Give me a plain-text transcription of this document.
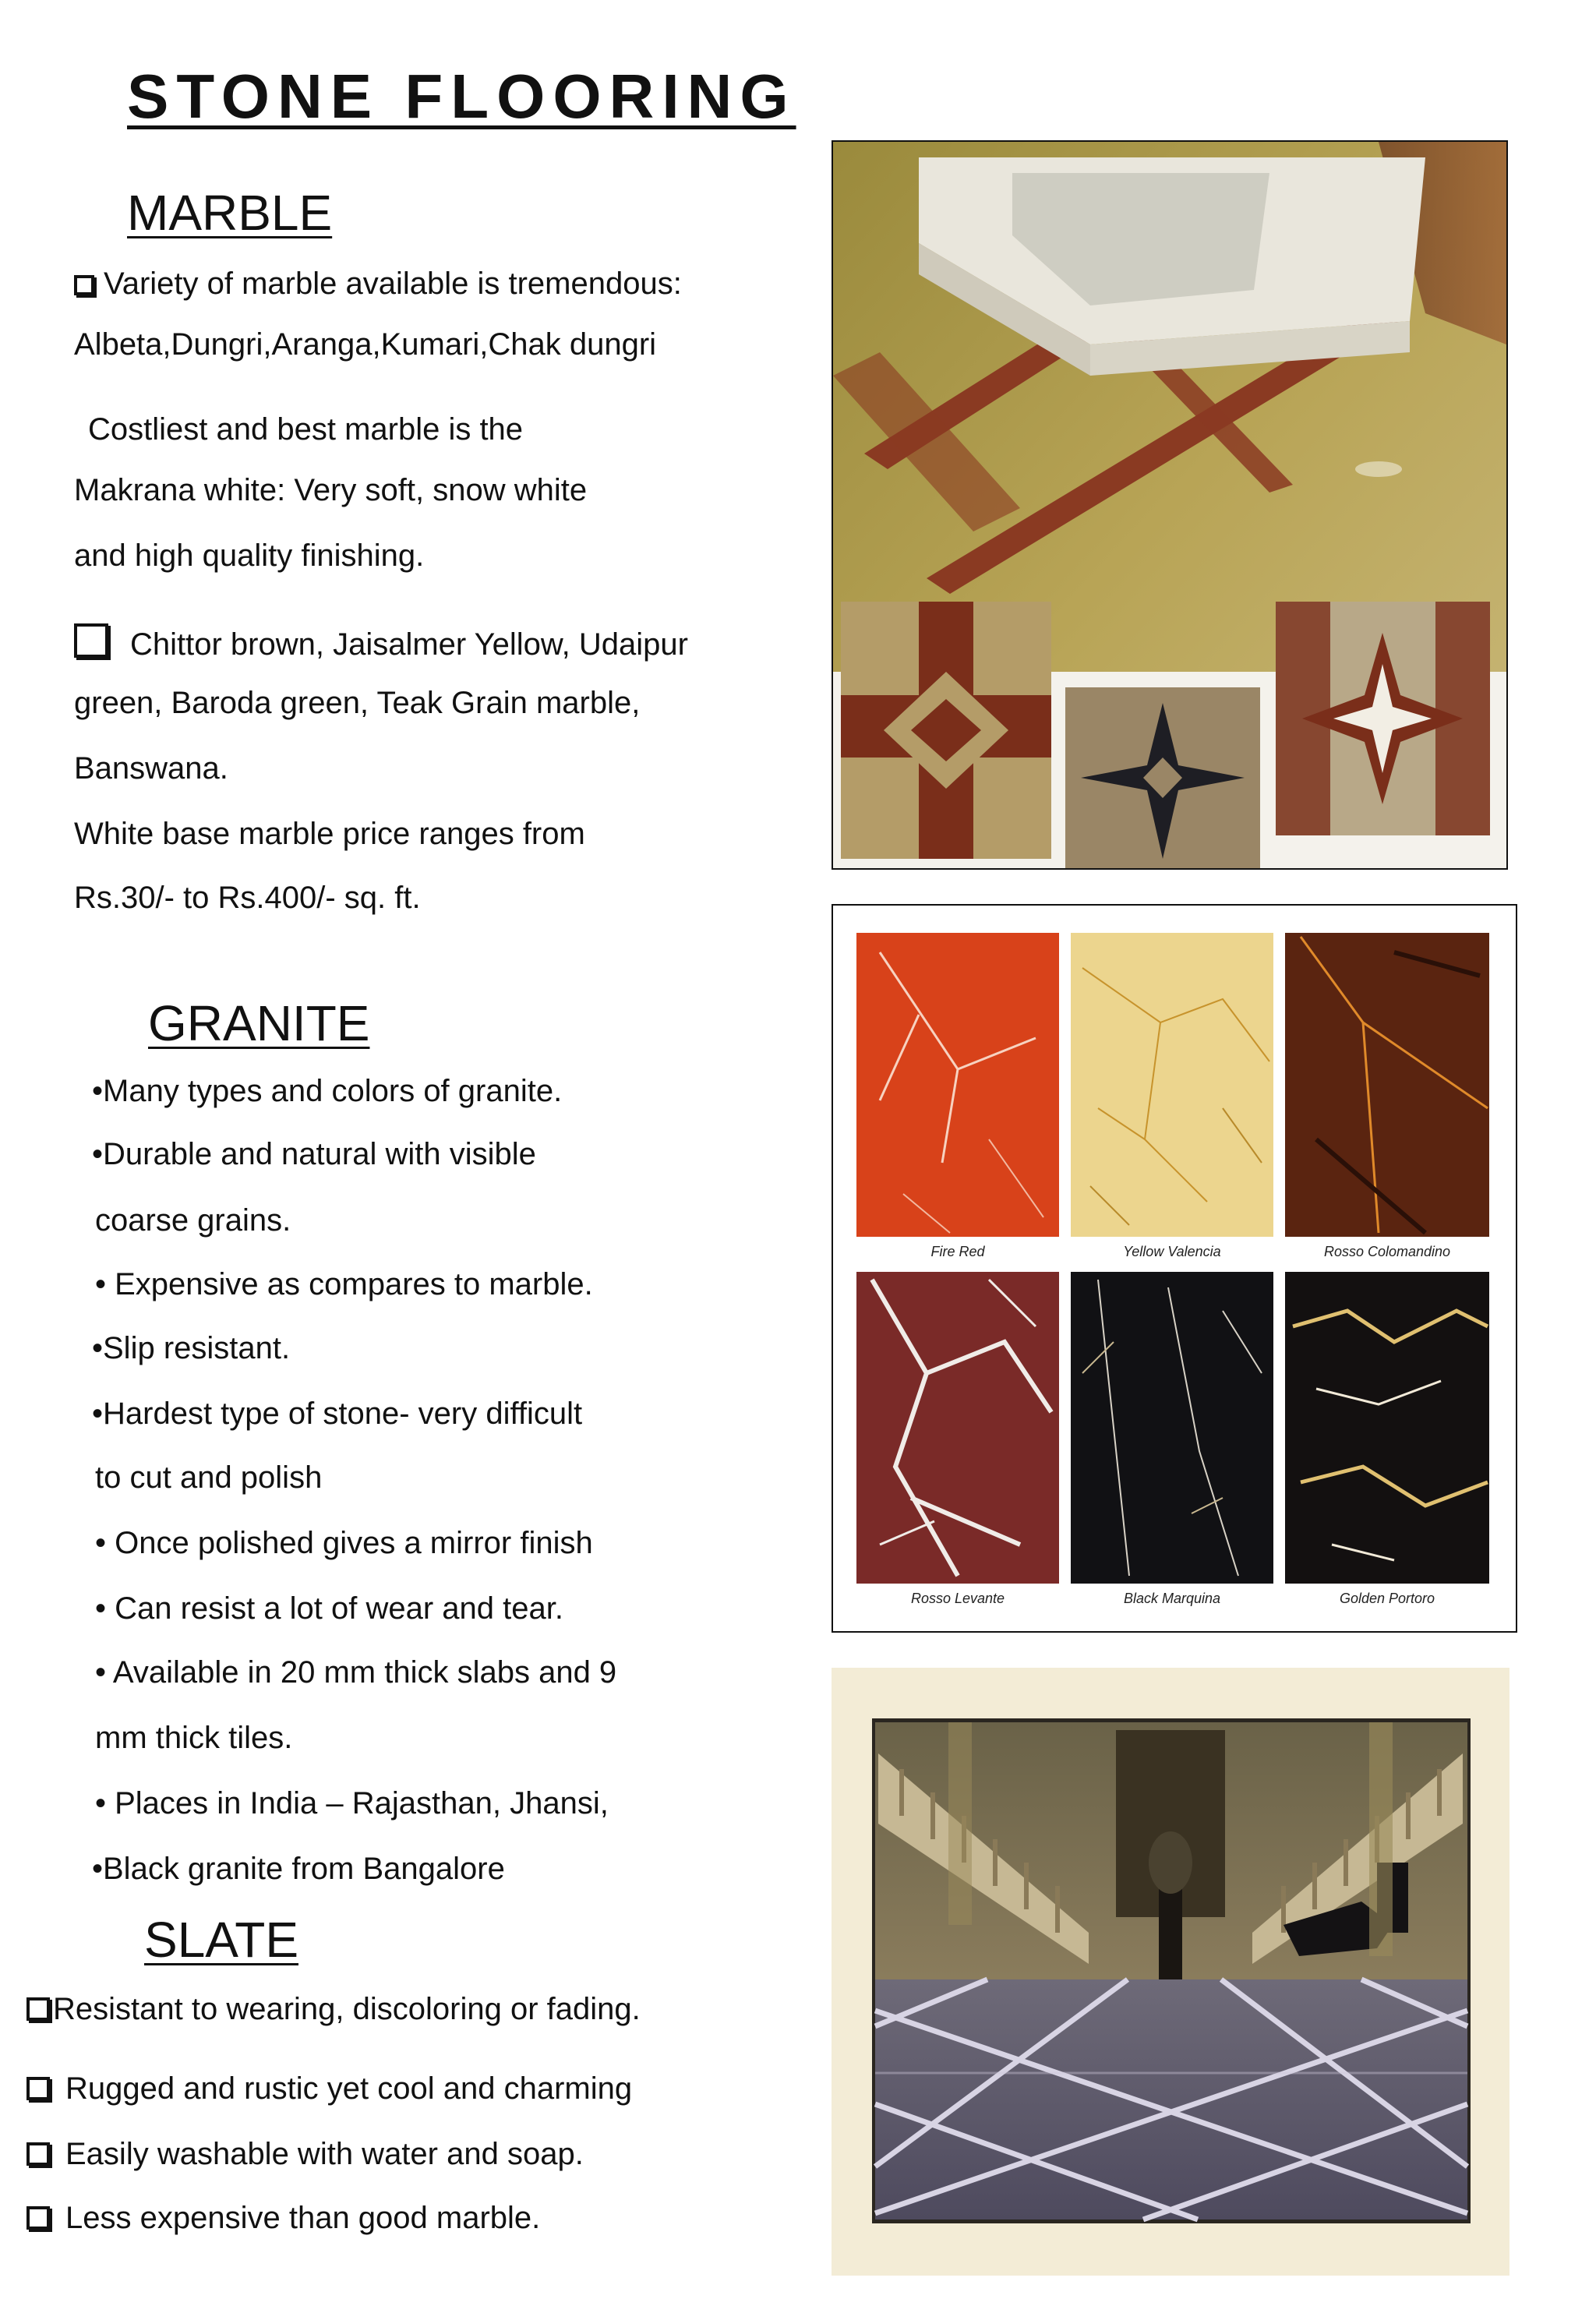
STONE FLOORING
MARBLE
Variety of marble available is tremendous:
Albeta,Dungri,Aranga,Kumari,Chak dungri
Costliest and best marble is the
Makrana white: Very soft, snow white
and high quality finishing.
Chittor brown, Jaisalmer Yellow, Udaipur
green, Baroda green, Teak Grain marble,
Banswana.
White base marble price ranges from
Rs.30/- to Rs.400/- sq. ft.
GRANITE
•Many types and colors of granite.
•Durable and natural with visible
coarse grains.
• Expensive as compares to marble.
•Slip resistant.
•Hardest type of stone- very difficult
to cut and polish
• Once polished gives a mirror finish
• Can resist a lot of wear and tear.
• Available in 20 mm thick slabs and 9
mm thick tiles.
• Places in India – Rajasthan, Jhansi,
•Black granite from Bangalore
SLATE
Resistant to wearing, discoloring or fading.
Rugged and rustic yet cool and charming
Easily washable with water and soap.
Less expensive than good marble.
Fire Red	Yellow Valencia	Rosso Colomandino
Rosso Levante	Black Marquina	Golden Portoro
